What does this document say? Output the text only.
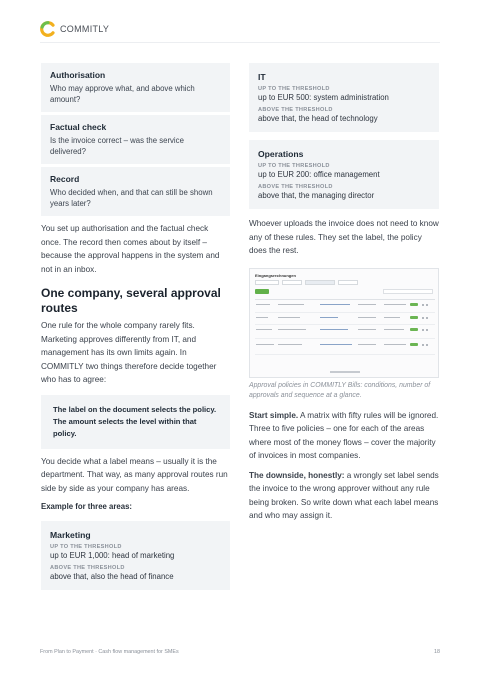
COMMITLY
Authorisation
Who may approve what, and above which amount?
Factual check
Is the invoice correct – was the service delivered?
Record
Who decided when, and that can still be shown years later?

You set up authorisation and the factual check once. The record then comes about by itself – because the approval happens in the system and not in an inbox.

One company, several approval routes

One rule for the whole company rarely fits. Marketing approves differently from IT, and management has its own limits again. In COMMITLY two things therefore decide together who has to agree:

The label on the document selects the policy. The amount selects the level within that policy.

You decide what a label means – usually it is the department. That way, as many approval routes run side by side as your company has areas.

Example for three areas:

Marketing
UP TO THE THRESHOLD
up to EUR 1,000: head of marketing
ABOVE THE THRESHOLD
above that, also the head of finance
IT
UP TO THE THRESHOLD
up to EUR 500: system administration
ABOVE THE THRESHOLD
above that, the head of technology
Operations
UP TO THE THRESHOLD
up to EUR 200: office management
ABOVE THE THRESHOLD
above that, the managing director

Whoever uploads the invoice does not need to know any of these rules. They set the label, the policy does the rest.

Eingangsrechnungen

Approval policies in COMMITLY Bills: conditions, number of approvals and sequence at a glance.

Start simple. A matrix with fifty rules will be ignored. Three to five policies – one for each of the areas where most of the money flows – cover the majority of invoices in most companies.

The downside, honestly: a wrongly set label sends the invoice to the wrong approver without any rule being broken. So write down what each label means and who may assign it.

From Plan to Payment · Cash flow management for SMEs	18
